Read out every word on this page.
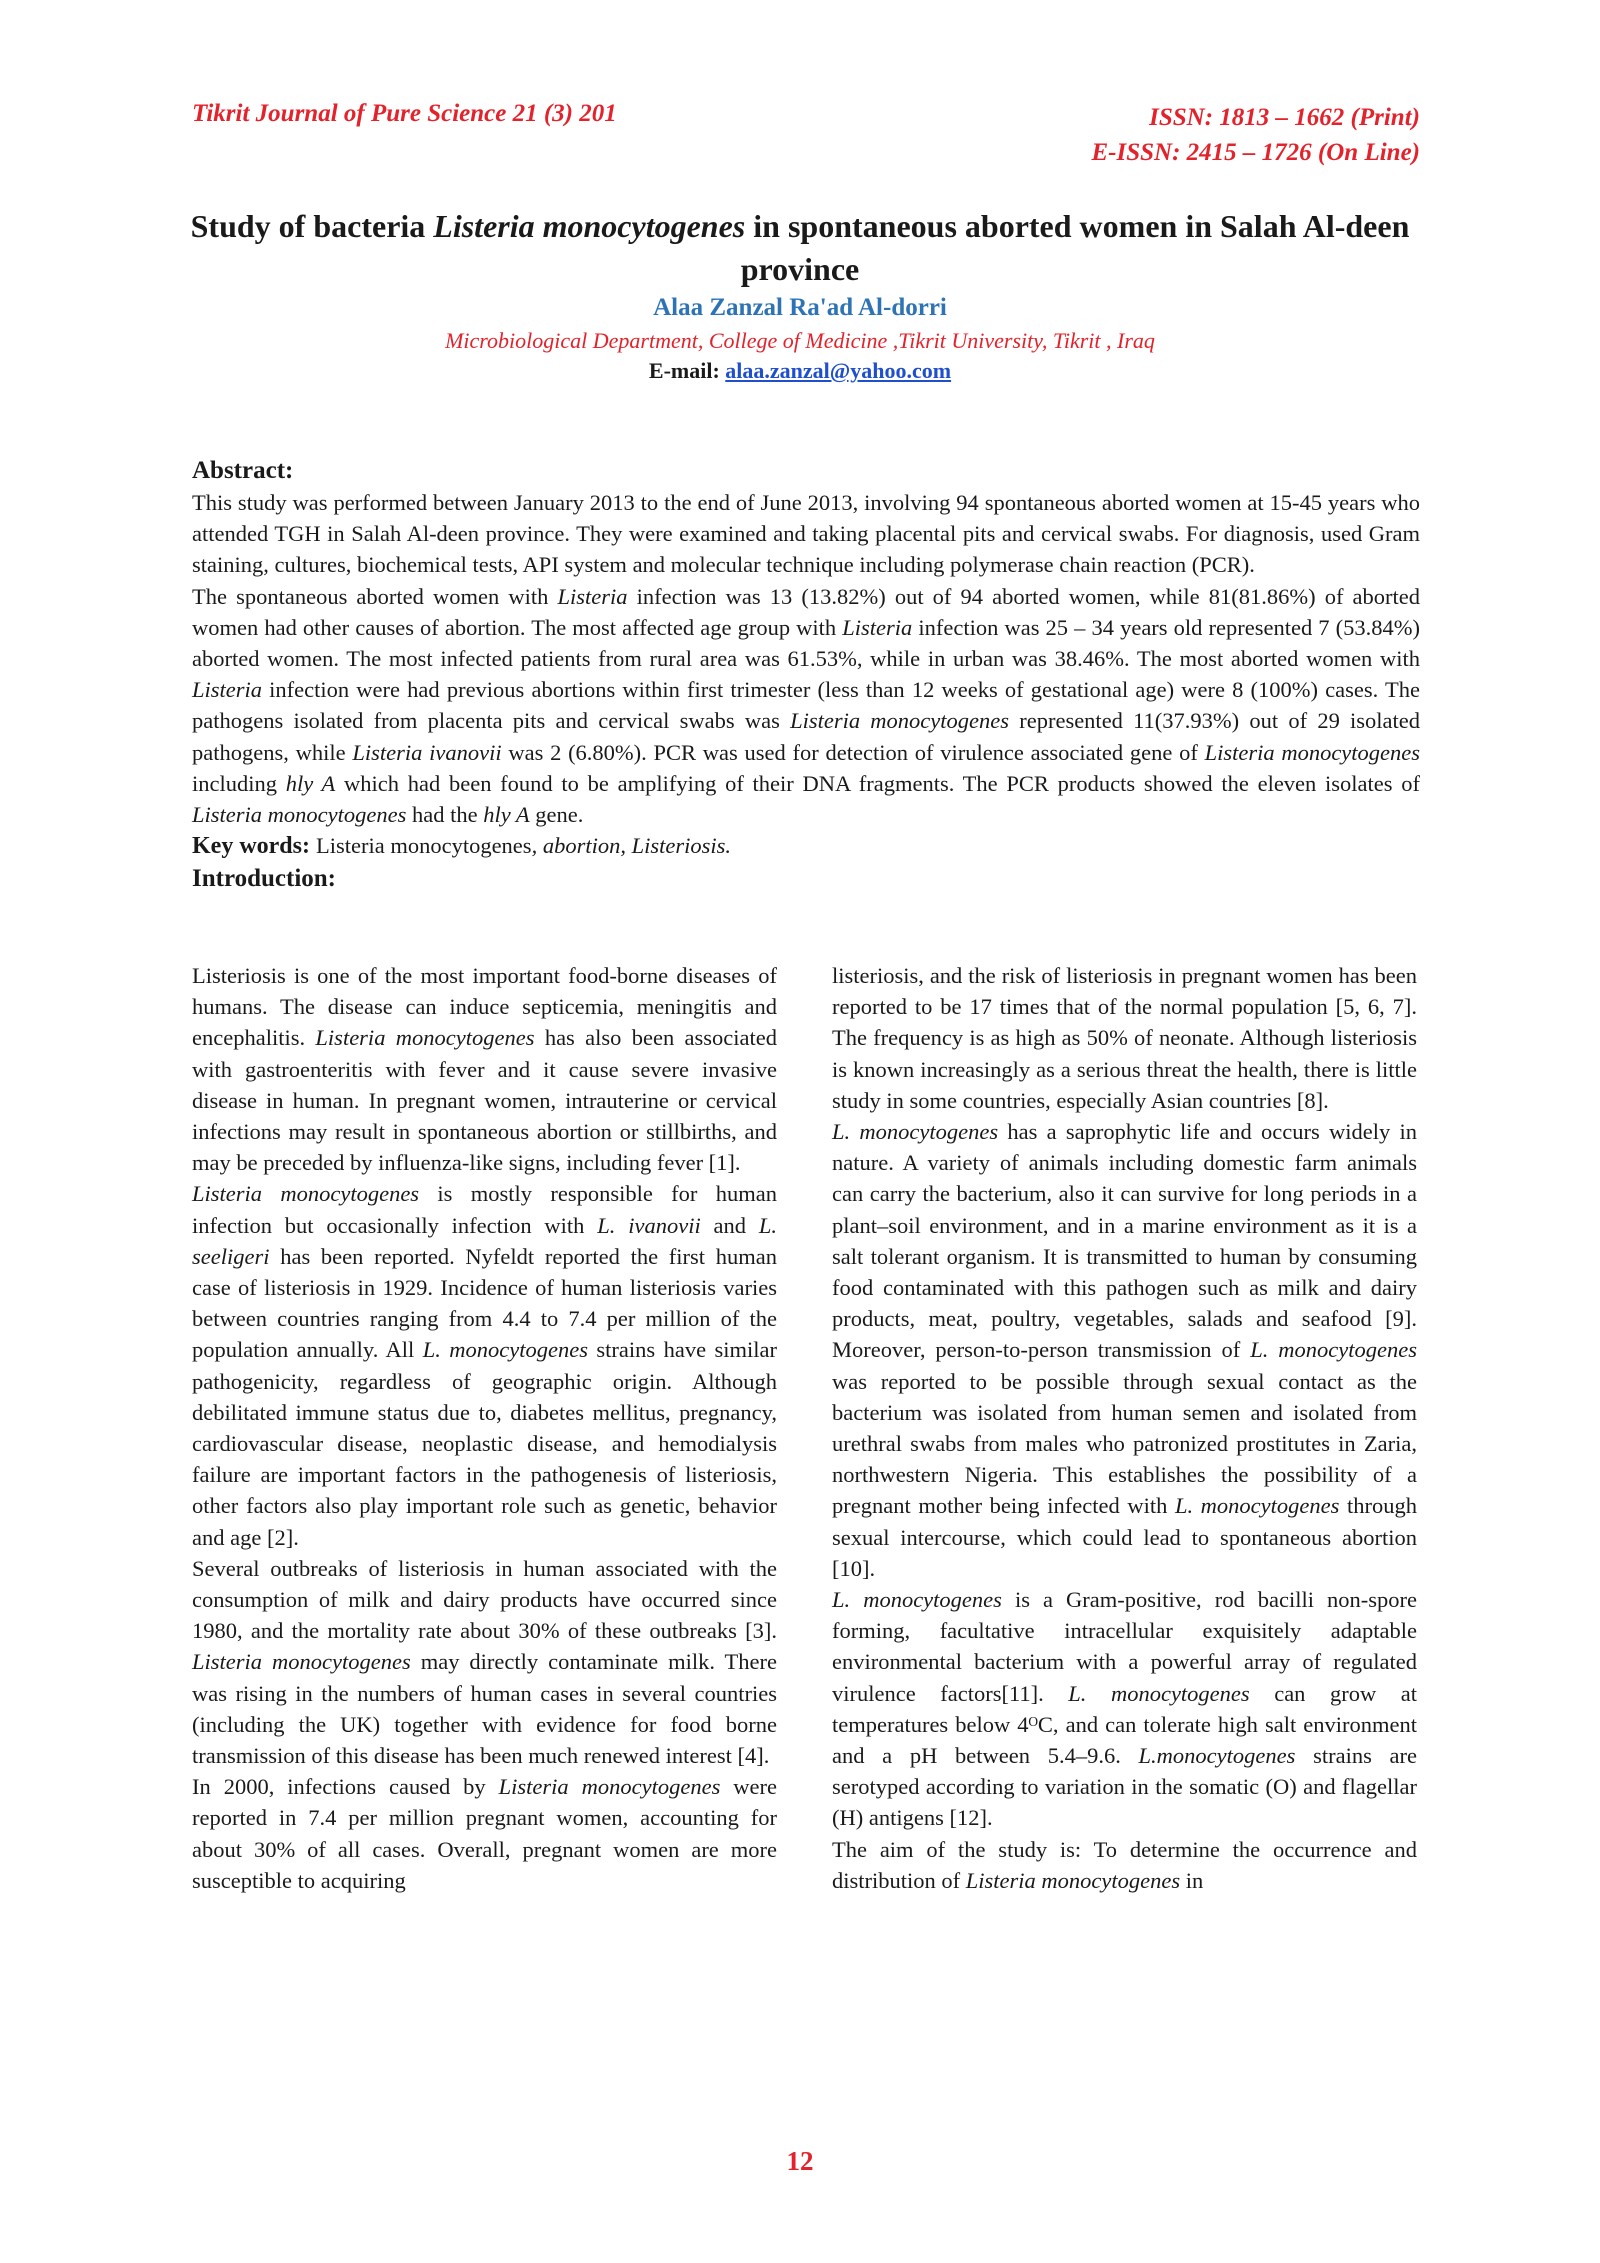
Tikrit Journal of Pure Science 21 (3) 201	ISSN: 1813 – 1662 (Print)
E-ISSN: 2415 – 1726 (On Line)
Study of bacteria Listeria monocytogenes in spontaneous aborted women in Salah Al-deen province
Alaa Zanzal Ra'ad Al-dorri
Microbiological Department, College of Medicine ,Tikrit University, Tikrit , Iraq
E-mail: alaa.zanzal@yahoo.com
Abstract:

This study was performed between January 2013 to the end of June 2013, involving 94 spontaneous aborted women at 15-45 years who attended TGH in Salah Al-deen province. They were examined and taking placental pits and cervical swabs. For diagnosis, used Gram staining, cultures, biochemical tests, API system and molecular technique including polymerase chain reaction (PCR).

The spontaneous aborted women with Listeria infection was 13 (13.82%) out of 94 aborted women, while 81(81.86%) of aborted women had other causes of abortion. The most affected age group with Listeria infection was 25 – 34 years old represented 7 (53.84%) aborted women. The most infected patients from rural area was 61.53%, while in urban was 38.46%. The most aborted women with Listeria infection were had previous abortions within first trimester (less than 12 weeks of gestational age) were 8 (100%) cases. The pathogens isolated from placenta pits and cervical swabs was Listeria monocytogenes represented 11(37.93%) out of 29 isolated pathogens, while Listeria ivanovii was 2 (6.80%). PCR was used for detection of virulence associated gene of Listeria monocytogenes including hly A which had been found to be amplifying of their DNA fragments. The PCR products showed the eleven isolates of Listeria monocytogenes had the hly A gene.

Key words: Listeria monocytogenes, abortion, Listeriosis.

Introduction:

Listeriosis is one of the most important food-borne diseases of humans. The disease can induce septicemia, meningitis and encephalitis. Listeria monocytogenes has also been associated with gastroenteritis with fever and it cause severe invasive disease in human. In pregnant women, intrauterine or cervical infections may result in spontaneous abortion or stillbirths, and may be preceded by influenza-like signs, including fever [1].

Listeria monocytogenes is mostly responsible for human infection but occasionally infection with L. ivanovii and L. seeligeri has been reported. Nyfeldt reported the first human case of listeriosis in 1929. Incidence of human listeriosis varies between countries ranging from 4.4 to 7.4 per million of the population annually. All L. monocytogenes strains have similar pathogenicity, regardless of geographic origin. Although debilitated immune status due to, diabetes mellitus, pregnancy, cardiovascular disease, neoplastic disease, and hemodialysis failure are important factors in the pathogenesis of listeriosis, other factors also play important role such as genetic, behavior and age [2].

Several outbreaks of listeriosis in human associated with the consumption of milk and dairy products have occurred since 1980, and the mortality rate about 30% of these outbreaks [3]. Listeria monocytogenes may directly contaminate milk. There was rising in the numbers of human cases in several countries (including the UK) together with evidence for food borne transmission of this disease has been much renewed interest [4].

In 2000, infections caused by Listeria monocytogenes were reported in 7.4 per million pregnant women, accounting for about 30% of all cases. Overall, pregnant women are more susceptible to acquiring

listeriosis, and the risk of listeriosis in pregnant women has been reported to be 17 times that of the normal population [5, 6, 7]. The frequency is as high as 50% of neonate. Although listeriosis is known increasingly as a serious threat the health, there is little study in some countries, especially Asian countries [8].

L. monocytogenes has a saprophytic life and occurs widely in nature. A variety of animals including domestic farm animals can carry the bacterium, also it can survive for long periods in a plant–soil environment, and in a marine environment as it is a salt tolerant organism. It is transmitted to human by consuming food contaminated with this pathogen such as milk and dairy products, meat, poultry, vegetables, salads and seafood [9]. Moreover, person-to-person transmission of L. monocytogenes was reported to be possible through sexual contact as the bacterium was isolated from human semen and isolated from urethral swabs from males who patronized prostitutes in Zaria, northwestern Nigeria. This establishes the possibility of a pregnant mother being infected with L. monocytogenes through sexual intercourse, which could lead to spontaneous abortion [10].

L. monocytogenes is a Gram-positive, rod bacilli non-spore forming, facultative intracellular exquisitely adaptable environmental bacterium with a powerful array of regulated virulence factors[11]. L. monocytogenes can grow at temperatures below 4ᴼC, and can tolerate high salt environment and a pH between 5.4–9.6. L.monocytogenes strains are serotyped according to variation in the somatic (O) and flagellar (H) antigens [12].

The aim of the study is: To determine the occurrence and distribution of Listeria monocytogenes in

12
